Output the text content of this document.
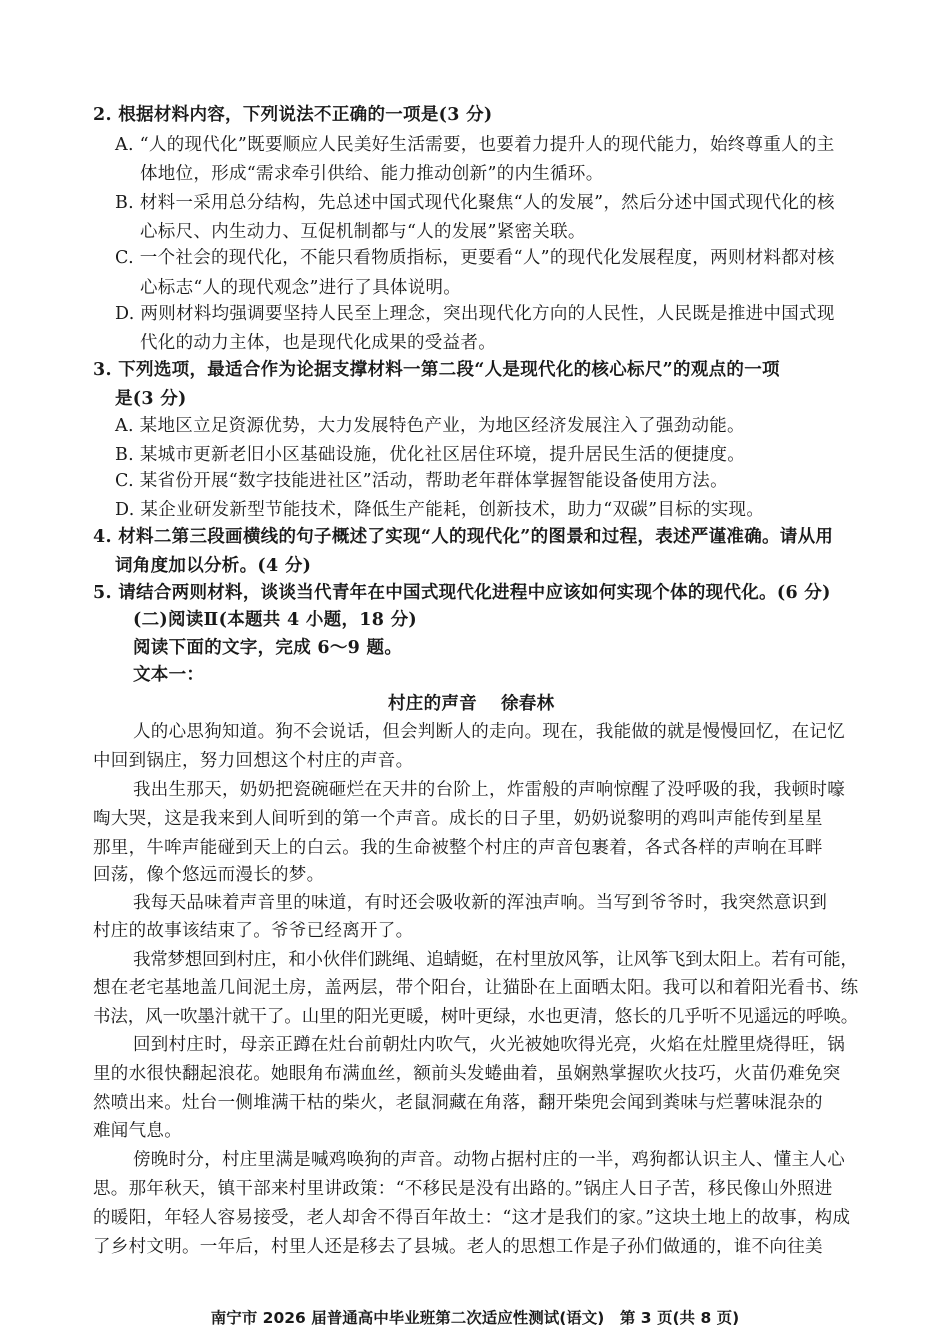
2. 根据材料内容，下列说法不正确的一项是(3 分)
A. “人的现代化”既要顺应人民美好生活需要，也要着力提升人的现代能力，始终尊重人的主
体地位，形成“需求牵引供给、能力推动创新”的内生循环。
B. 材料一采用总分结构，先总述中国式现代化聚焦“人的发展”，然后分述中国式现代化的核
心标尺、内生动力、互促机制都与“人的发展”紧密关联。
C. 一个社会的现代化，不能只看物质指标，更要看“人”的现代化发展程度，两则材料都对核
心标志“人的现代观念”进行了具体说明。
D. 两则材料均强调要坚持人民至上理念，突出现代化方向的人民性，人民既是推进中国式现
代化的动力主体，也是现代化成果的受益者。
3. 下列选项，最适合作为论据支撑材料一第二段“人是现代化的核心标尺”的观点的一项
是(3 分)
A. 某地区立足资源优势，大力发展特色产业，为地区经济发展注入了强劲动能。
B. 某城市更新老旧小区基础设施，优化社区居住环境，提升居民生活的便捷度。
C. 某省份开展“数字技能进社区”活动，帮助老年群体掌握智能设备使用方法。
D. 某企业研发新型节能技术，降低生产能耗，创新技术，助力“双碳”目标的实现。
4. 材料二第三段画横线的句子概述了实现“人的现代化”的图景和过程，表述严谨准确。请从用
词角度加以分析。(4 分)
5. 请结合两则材料，谈谈当代青年在中国式现代化进程中应该如何实现个体的现代化。(6 分)
(二)阅读Ⅱ(本题共 4 小题，18 分)
阅读下面的文字，完成 6～9 题。
文本一：
村庄的声音 徐春林
人的心思狗知道。狗不会说话，但会判断人的走向。现在，我能做的就是慢慢回忆，在记忆
中回到锅庄，努力回想这个村庄的声音。
我出生那天，奶奶把瓷碗砸烂在天井的台阶上，炸雷般的声响惊醒了没呼吸的我，我顿时嚎
啕大哭，这是我来到人间听到的第一个声音。成长的日子里，奶奶说黎明的鸡叫声能传到星星
那里，牛哞声能碰到天上的白云。我的生命被整个村庄的声音包裹着，各式各样的声响在耳畔
回荡，像个悠远而漫长的梦。
我每天品味着声音里的味道，有时还会吸收新的浑浊声响。当写到爷爷时，我突然意识到
村庄的故事该结束了。爷爷已经离开了。
我常梦想回到村庄，和小伙伴们跳绳、追蜻蜓，在村里放风筝，让风筝飞到太阳上。若有可能，
想在老宅基地盖几间泥土房，盖两层，带个阳台，让猫卧在上面晒太阳。我可以和着阳光看书、练
书法，风一吹墨汁就干了。山里的阳光更暖，树叶更绿，水也更清，悠长的几乎听不见遥远的呼唤。
回到村庄时，母亲正蹲在灶台前朝灶内吹气，火光被她吹得光亮，火焰在灶膛里烧得旺，锅
里的水很快翻起浪花。她眼角布满血丝，额前头发蜷曲着，虽娴熟掌握吹火技巧，火苗仍难免突
然喷出来。灶台一侧堆满干枯的柴火，老鼠洞藏在角落，翻开柴兜会闻到粪味与烂薯味混杂的
难闻气息。
傍晚时分，村庄里满是喊鸡唤狗的声音。动物占据村庄的一半，鸡狗都认识主人、懂主人心
思。那年秋天，镇干部来村里讲政策：“不移民是没有出路的。”锅庄人日子苦，移民像山外照进
的暖阳，年轻人容易接受，老人却舍不得百年故土：“这才是我们的家。”这块土地上的故事，构成
了乡村文明。一年后，村里人还是移去了县城。老人的思想工作是子孙们做通的，谁不向往美
南宁市 2026 届普通高中毕业班第二次适应性测试(语文)　第 3 页(共 8 页)
